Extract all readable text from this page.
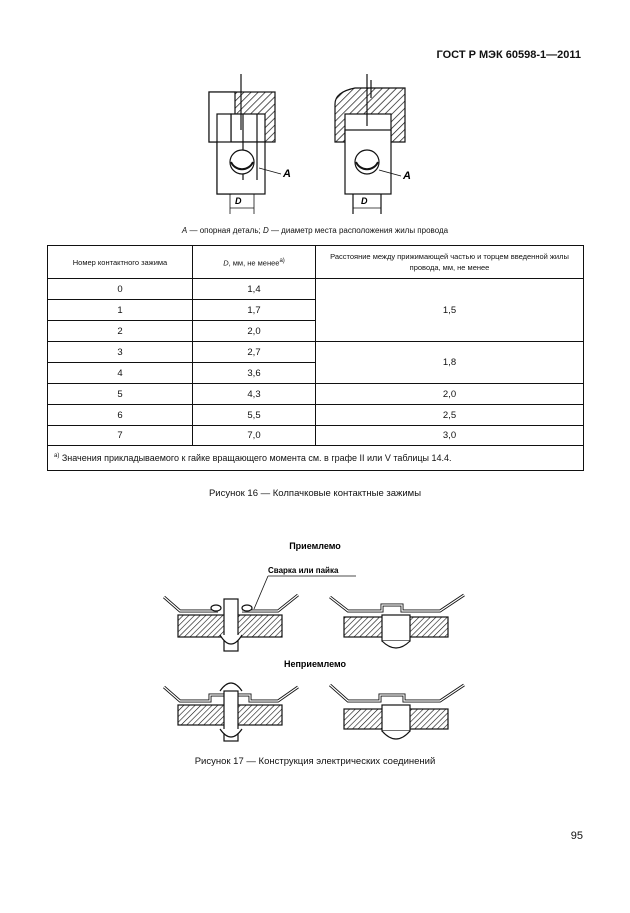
ГОСТ Р МЭК 60598-1—2011
D	D
A	A
A — опорная деталь; D — диаметр места расположения жилы провода
Номер контактного зажима	D, мм, не менее$^{a)}$	Расстояние между прижимающей частью и торцем введенной жилы провода, мм, не менее
0	1,4	1,5
1	1,7	
2	2,0	
3	2,7	1,8
4	3,6	
5	4,3	2,0
6	5,5	2,5
7	7,0	3,0
$^{a)}$ Значения прикладываемого к гайке вращающего момента см. в графе II или V таблицы 14.4.		
Рисунок 16 — Колпачковые контактные зажимы
Приемлемо
Сварка или пайка
Неприемлемо
Рисунок 17 — Конструкция электрических соединений
95
